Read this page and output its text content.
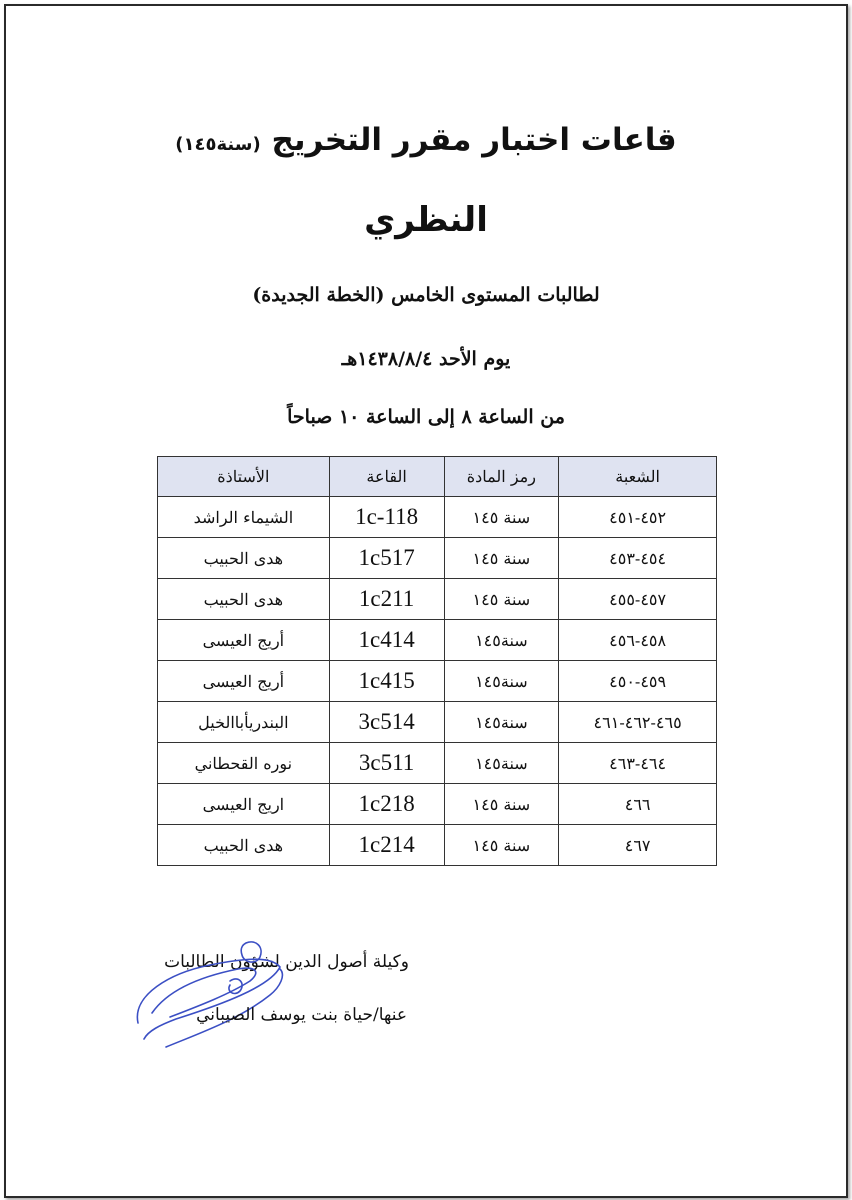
قاعات اختبار مقرر التخريج (سنة١٤٥)
النظري
لطالبات المستوى الخامس (الخطة الجديدة)
يوم الأحد ١٤٣٨/٨/٤هـ
من الساعة ٨ إلى الساعة ١٠ صباحاً
الشعبة	رمز المادة	القاعة	الأستاذة
٤٥٢-٤٥١	سنة ١٤٥	1c-118	الشيماء الراشد
٤٥٤-٤٥٣	سنة ١٤٥	1c517	هدى الحبيب
٤٥٧-٤٥٥	سنة ١٤٥	1c211	هدى الحبيب
٤٥٨-٤٥٦	سنة١٤٥	1c414	أريج العيسى
٤٥٩-٤٥٠	سنة١٤٥	1c415	أريج العيسى
٤٦٥-٤٦٢-٤٦١	سنة١٤٥	3c514	البندريأباالخيل
٤٦٤-٤٦٣	سنة١٤٥	3c511	نوره القحطاني
٤٦٦	سنة ١٤٥	1c218	اريج العيسى
٤٦٧	سنة ١٤٥	1c214	هدى الحبيب
وكيلة أصول الدين لشؤون الطالبات
عنها/حياة بنت يوسف الصيباني
